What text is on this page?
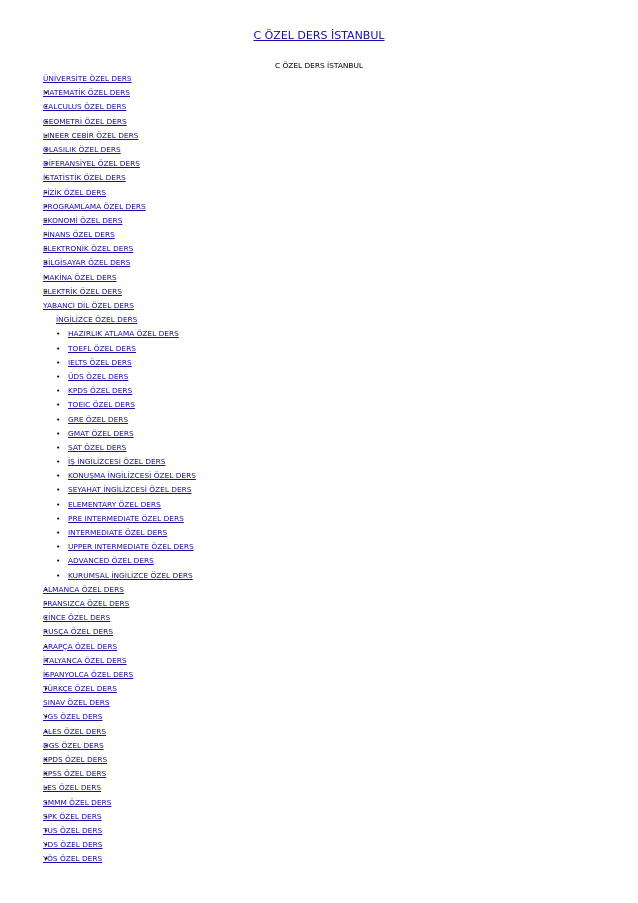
C ÖZEL DERS İSTANBUL
C ÖZEL DERS İSTANBUL
ÜNİVERSİTE ÖZEL DERS
• MATEMATİK ÖZEL DERS
• CALCULUS ÖZEL DERS
• GEOMETRİ ÖZEL DERS
• LINEER CEBİR ÖZEL DERS
• OLASILIK ÖZEL DERS
• DİFERANSİYEL ÖZEL DERS
• İSTATİSTİK ÖZEL DERS
• FİZİK ÖZEL DERS
• PROGRAMLAMA ÖZEL DERS
• EKONOMİ ÖZEL DERS
• FİNANS ÖZEL DERS
• ELEKTRONİK ÖZEL DERS
• BİLGİSAYAR ÖZEL DERS
• MAKİNA ÖZEL DERS
• ELEKTRİK ÖZEL DERS
YABANCI DİL ÖZEL DERS
İNGİLİZCE ÖZEL DERS
• HAZIRLIK ATLAMA ÖZEL DERS
• TOEFL ÖZEL DERS
• IELTS ÖZEL DERS
• ÜDS ÖZEL DERS
• KPDS ÖZEL DERS
• TOEIC ÖZEL DERS
• GRE ÖZEL DERS
• GMAT ÖZEL DERS
• SAT ÖZEL DERS
• İŞ İNGİLİZCESİ ÖZEL DERS
• KONUŞMA İNGİLİZCESİ ÖZEL DERS
• SEYAHAT İNGİLİZCESİ ÖZEL DERS
• ELEMENTARY ÖZEL DERS
• PRE INTERMEDIATE ÖZEL DERS
• INTERMEDIATE ÖZEL DERS
• UPPER INTERMEDIATE ÖZEL DERS
• ADVANCED ÖZEL DERS
• KURUMSAL İNGİLİZCE ÖZEL DERS
• ALMANCA ÖZEL DERS
• FRANSIZCA ÖZEL DERS
• ÇİNCE ÖZEL DERS
• RUSÇA ÖZEL DERS
• ARAPÇA ÖZEL DERS
• İTALYANCA ÖZEL DERS
• İSPANYOLCA ÖZEL DERS
• TÜRKÇE ÖZEL DERS
SINAV ÖZEL DERS
• YGS ÖZEL DERS
• ALES ÖZEL DERS
• DGS ÖZEL DERS
• KPDS ÖZEL DERS
• KPSS ÖZEL DERS
• LES ÖZEL DERS
• SMMM ÖZEL DERS
• SPK ÖZEL DERS
• TUS ÖZEL DERS
• YDS ÖZEL DERS
• YÖS ÖZEL DERS
